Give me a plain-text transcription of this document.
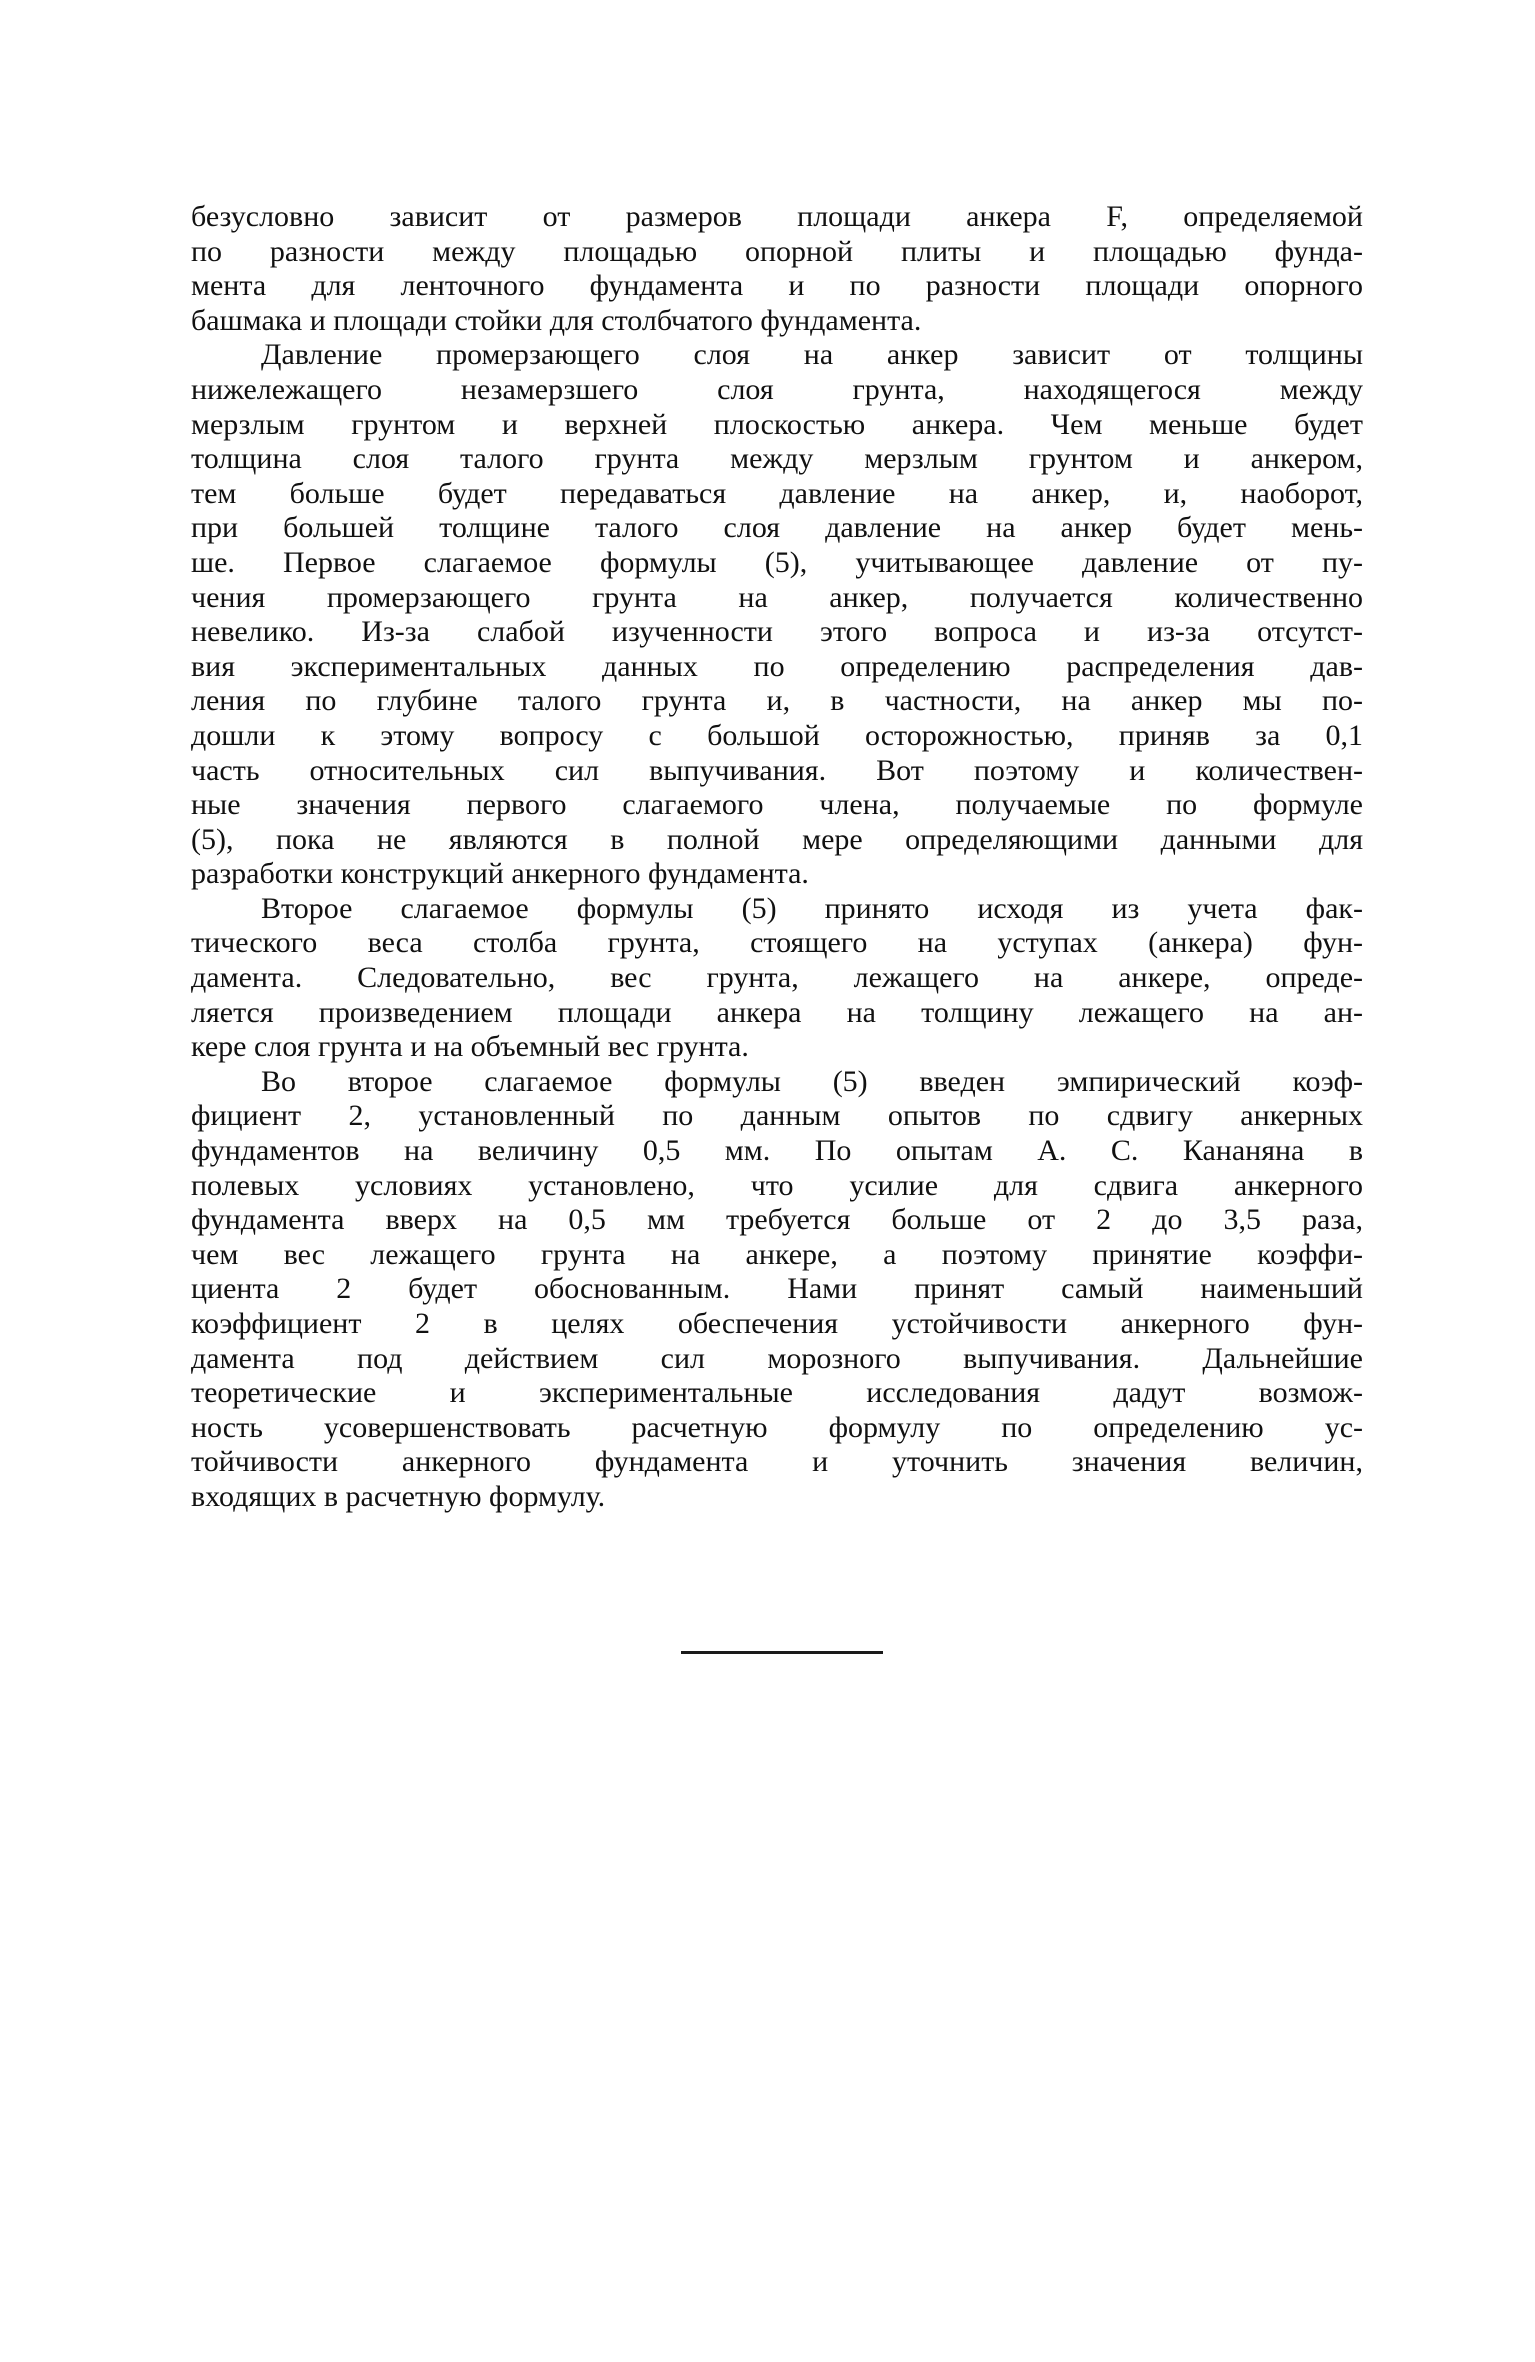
безусловно зависит от размеров площади анкера F, определяемой
по разности между площадью опорной плиты и площадью фунда-
мента для ленточного фундамента и по разности площади опорного
башмака и площади стойки для столбчатого фундамента.
Давление промерзающего слоя на анкер зависит от толщины
нижележащего незамерзшего слоя грунта, находящегося между
мерзлым грунтом и верхней плоскостью анкера. Чем меньше будет
толщина слоя талого грунта между мерзлым грунтом и анкером,
тем больше будет передаваться давление на анкер, и, наоборот,
при большей толщине талого слоя давление на анкер будет мень-
ше. Первое слагаемое формулы (5), учитывающее давление от пу-
чения промерзающего грунта на анкер, получается количественно
невелико. Из-за слабой изученности этого вопроса и из-за отсутст-
вия экспериментальных данных по определению распределения дав-
ления по глубине талого грунта и, в частности, на анкер мы по-
дошли к этому вопросу с большой осторожностью, приняв за 0,1
часть относительных сил выпучивания. Вот поэтому и количествен-
ные значения первого слагаемого члена, получаемые по формуле
(5), пока не являются в полной мере определяющими данными для
разработки конструкций анкерного фундамента.
Второе слагаемое формулы (5) принято исходя из учета фак-
тического веса столба грунта, стоящего на уступах (анкера) фун-
дамента. Следовательно, вес грунта, лежащего на анкере, опреде-
ляется произведением площади анкера на толщину лежащего на ан-
кере слоя грунта и на объемный вес грунта.
Во второе слагаемое формулы (5) введен эмпирический коэф-
фициент 2, установленный по данным опытов по сдвигу анкерных
фундаментов на величину 0,5 мм. По опытам А. С. Кананяна в
полевых условиях установлено, что усилие для сдвига анкерного
фундамента вверх на 0,5 мм требуется больше от 2 до 3,5 раза,
чем вес лежащего грунта на анкере, а поэтому принятие коэффи-
циента 2 будет обоснованным. Нами принят самый наименьший
коэффициент 2 в целях обеспечения устойчивости анкерного фун-
дамента под действием сил морозного выпучивания. Дальнейшие
теоретические и экспериментальные исследования дадут возмож-
ность усовершенствовать расчетную формулу по определению ус-
тойчивости анкерного фундамента и уточнить значения величин,
входящих в расчетную формулу.
